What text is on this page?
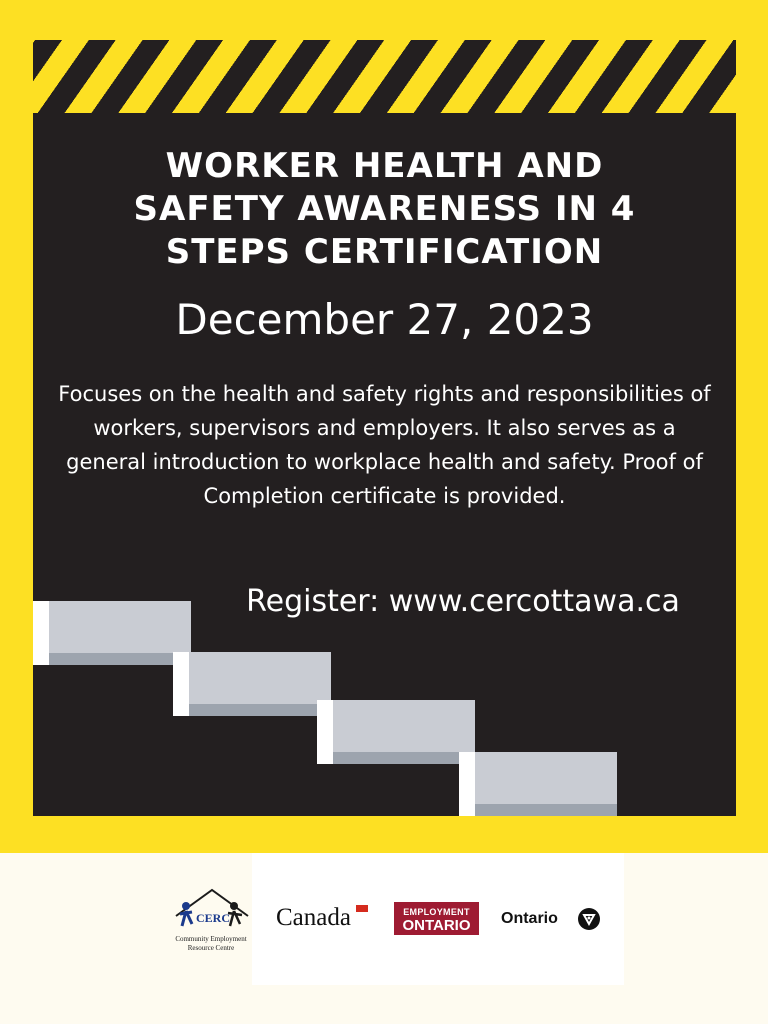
WORKER HEALTH AND
SAFETY AWARENESS IN 4
STEPS CERTIFICATION

December 27, 2023

Focuses on the health and safety rights and responsibilities of workers, supervisors and employers. It also serves as a general introduction to workplace health and safety. Proof of Completion certificate is provided.

Register: www.cercottawa.ca

CERC
Community Employment Resource Centre
Canada	EMPLOYMENT
ONTARIO	Ontario
